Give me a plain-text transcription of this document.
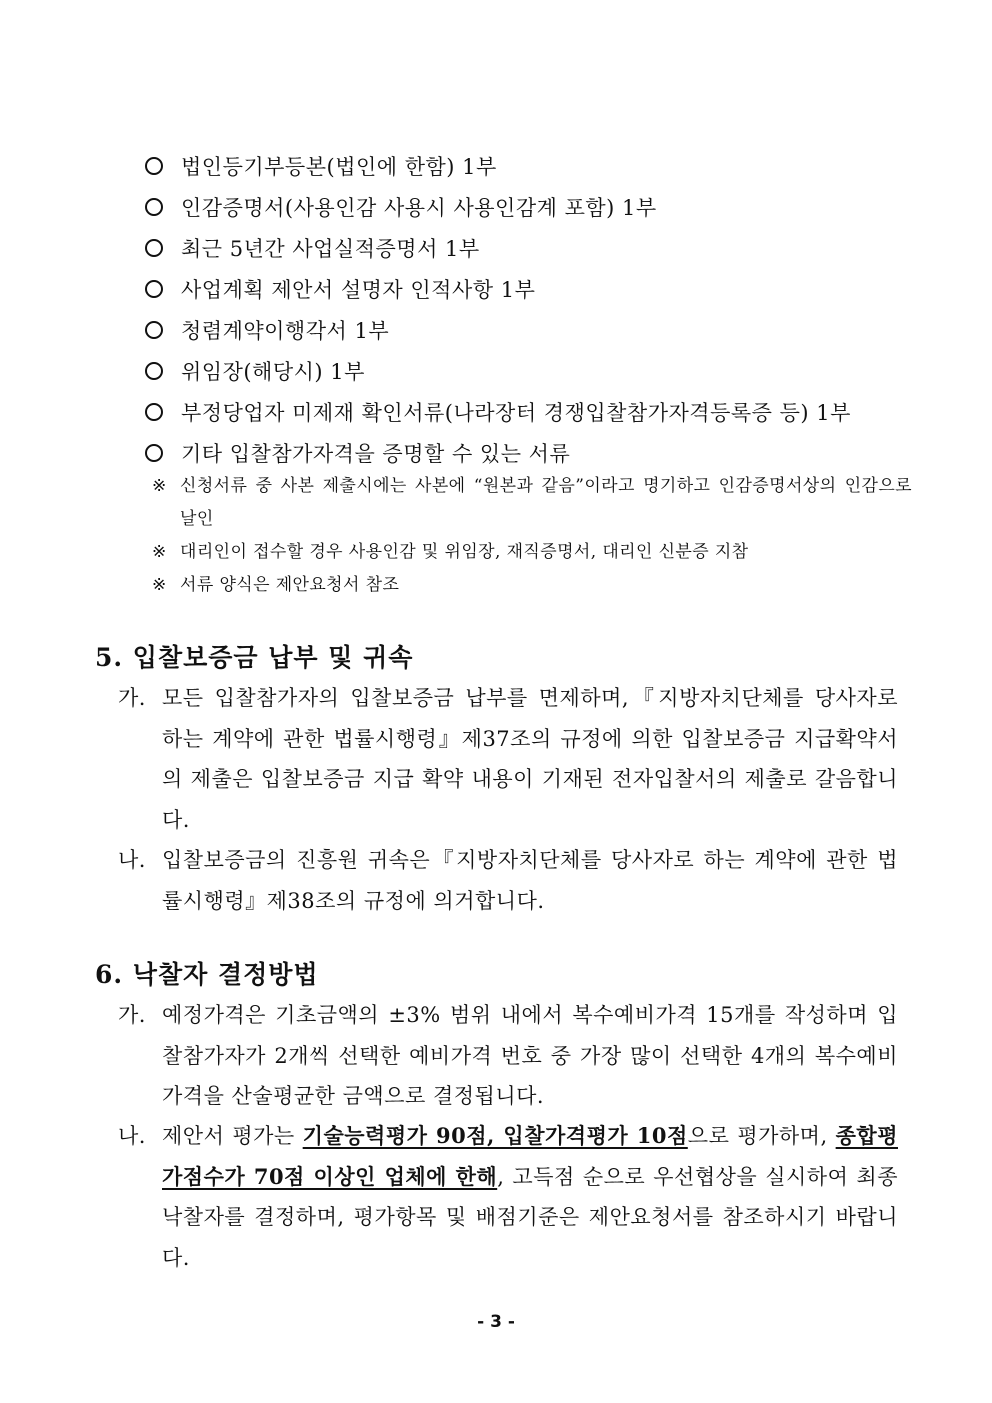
법인등기부등본(법인에 한함) 1부
인감증명서(사용인감 사용시 사용인감계 포함) 1부
최근 5년간 사업실적증명서 1부
사업계획 제안서 설명자 인적사항 1부
청렴계약이행각서 1부
위임장(해당시) 1부
부정당업자 미제재 확인서류(나라장터 경쟁입찰참가자격등록증 등) 1부
기타 입찰참가자격을 증명할 수 있는 서류
※ 신청서류 중 사본 제출시에는 사본에 “원본과 같음”이라고 명기하고 인감증명서상의 인감으로 날인
※ 대리인이 접수할 경우 사용인감 및 위임장, 재직증명서, 대리인 신분증 지참
※ 서류 양식은 제안요청서 참조
5. 입찰보증금 납부 및 귀속
가. 모든 입찰참가자의 입찰보증금 납부를 면제하며,『지방자치단체를 당사자로 하는 계약에 관한 법률시행령』제37조의 규정에 의한 입찰보증금 지급확약서의 제출은 입찰보증금 지급 확약 내용이 기재된 전자입찰서의 제출로 갈음합니다.
나. 입찰보증금의 진흥원 귀속은『지방자치단체를 당사자로 하는 계약에 관한 법률시행령』제38조의 규정에 의거합니다.
6. 낙찰자 결정방법
가. 예정가격은 기초금액의 ±3% 범위 내에서 복수예비가격 15개를 작성하며 입찰참가자가 2개씩 선택한 예비가격 번호 중 가장 많이 선택한 4개의 복수예비가격을 산술평균한 금액으로 결정됩니다.
나. 제안서 평가는 기술능력평가 90점, 입찰가격평가 10점으로 평가하며, 종합평가점수가 70점 이상인 업체에 한해, 고득점 순으로 우선협상을 실시하여 최종낙찰자를 결정하며, 평가항목 및 배점기준은 제안요청서를 참조하시기 바랍니다.
- 3 -
